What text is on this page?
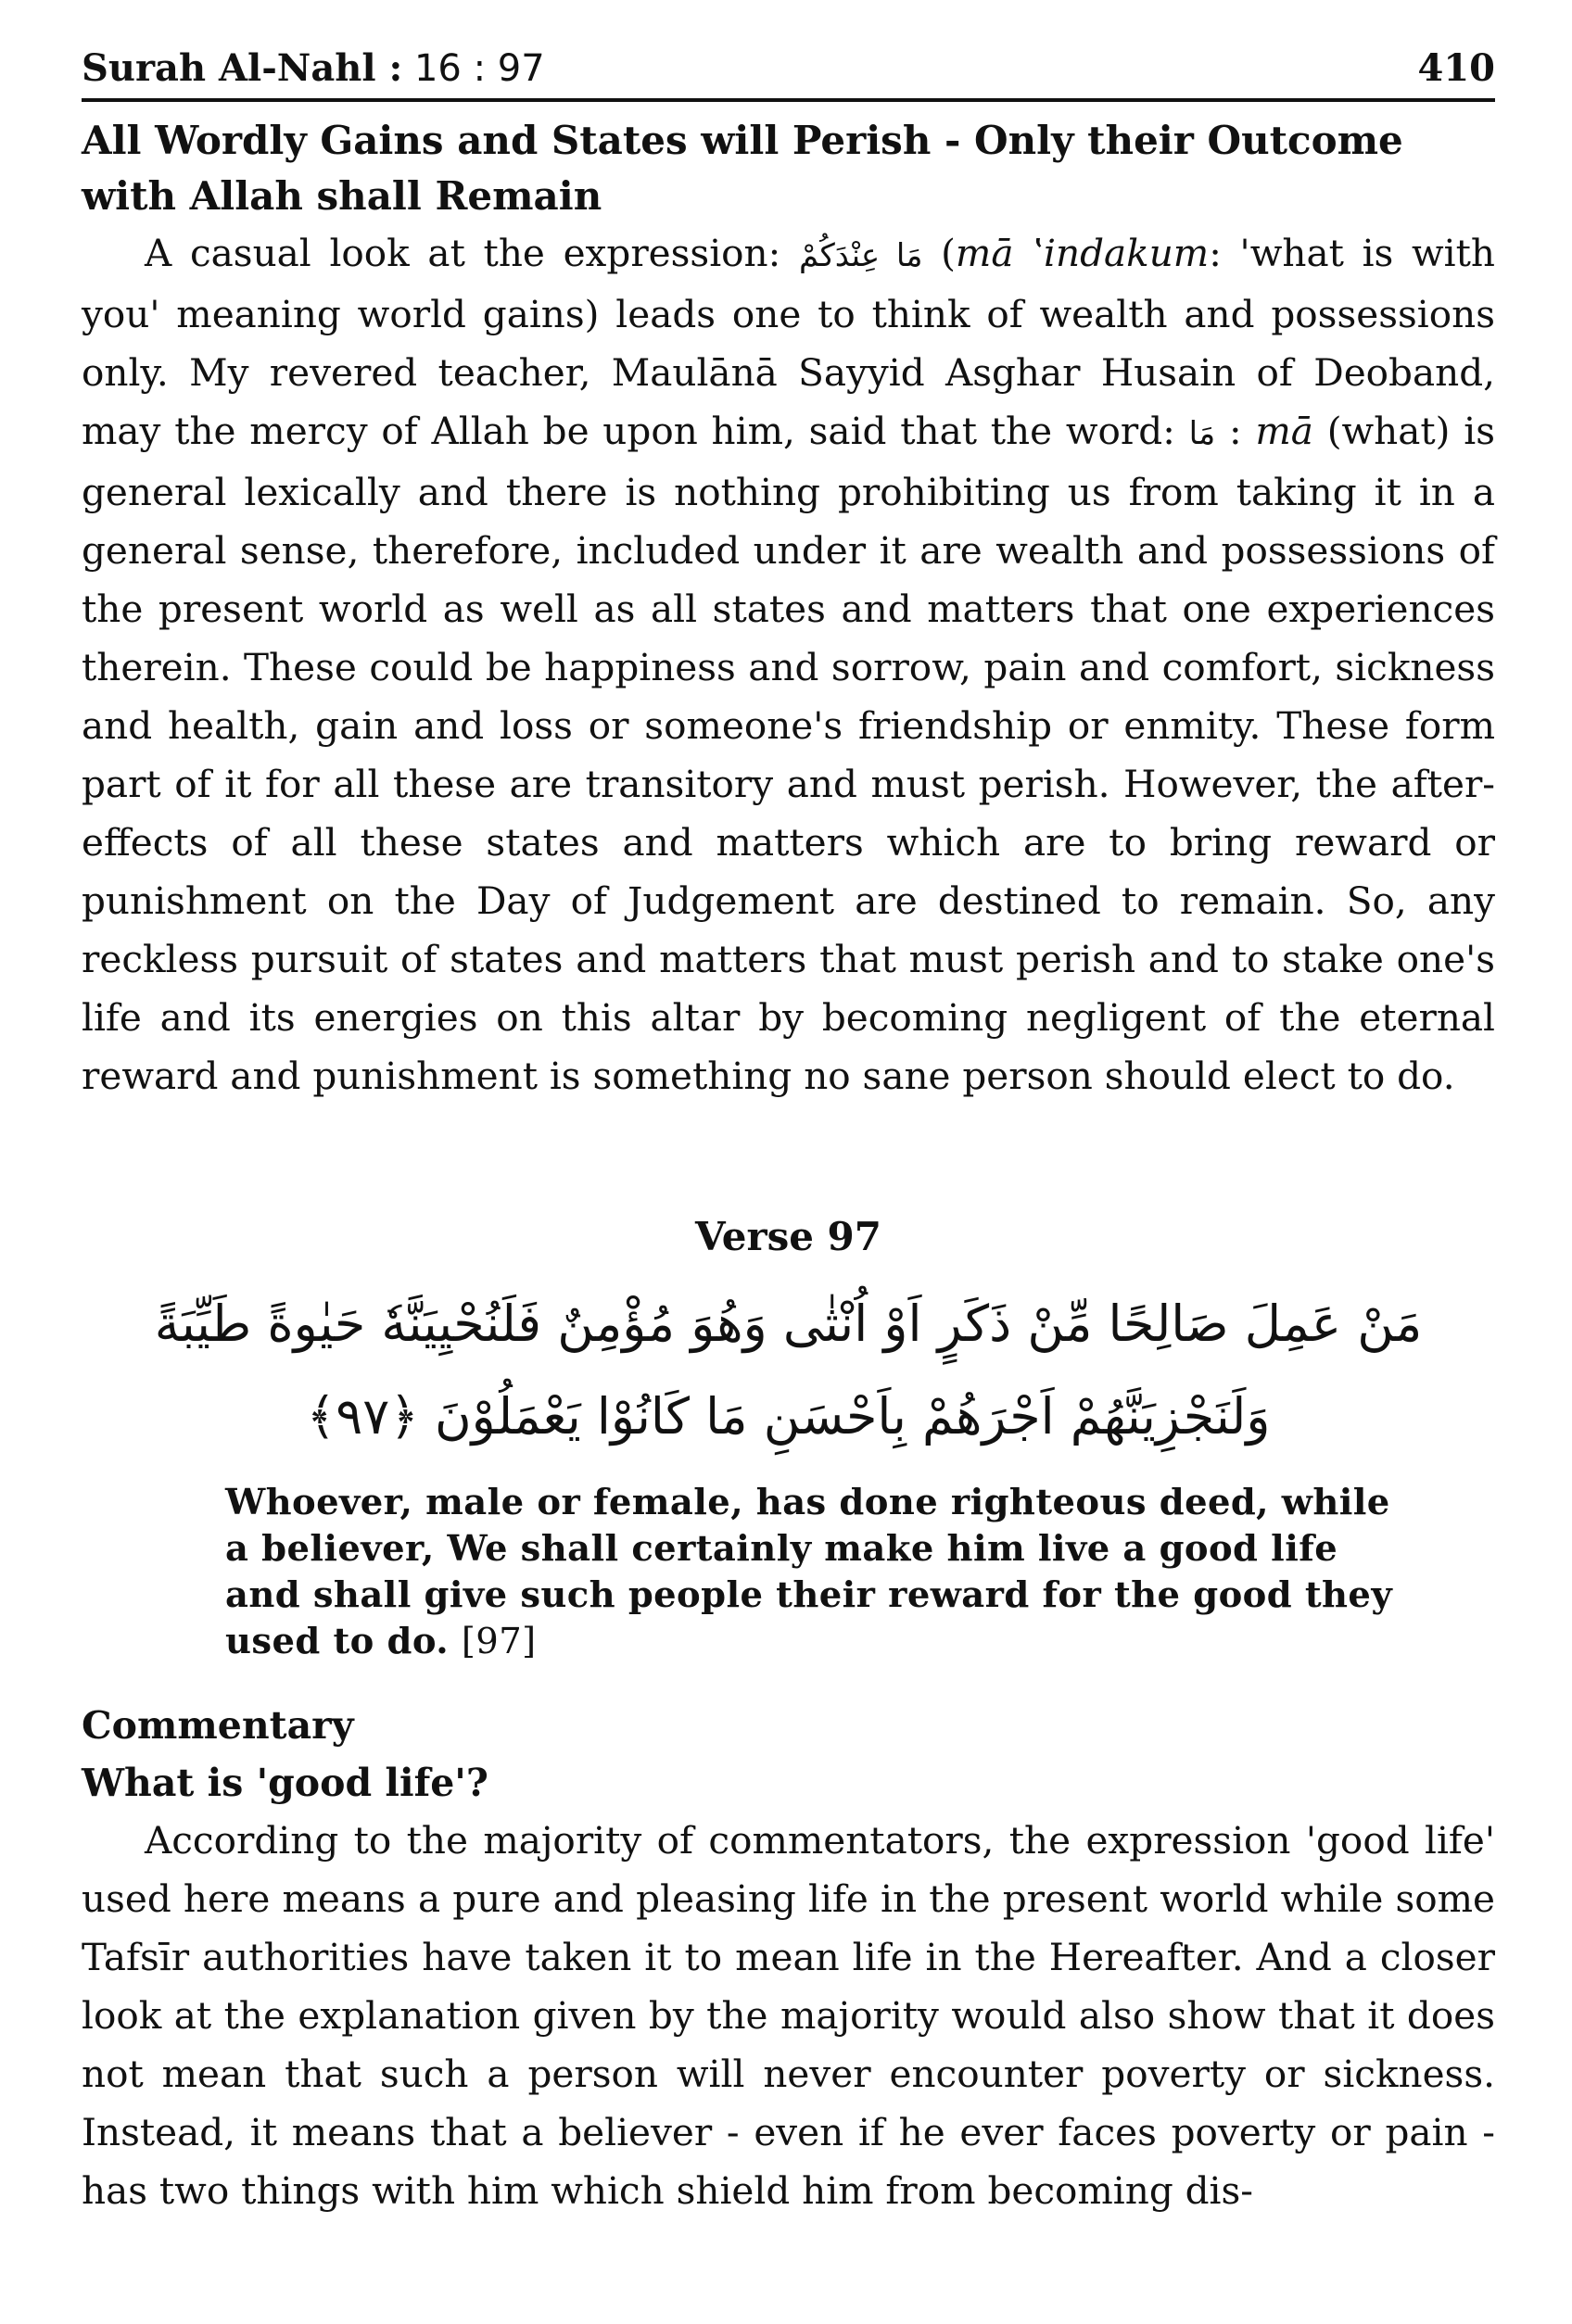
Surah Al-Nahl : 16 : 97	410
All Wordly Gains and States will Perish - Only their Outcome with Allah shall Remain

A casual look at the expression: مَا عِنْدَكُمْ (mā ʽindakum: 'what is with you' meaning world gains) leads one to think of wealth and possessions only. My revered teacher, Maulānā Sayyid Asghar Husain of Deoband, may the mercy of Allah be upon him, said that the word: مَا : mā (what) is general lexically and there is nothing prohibiting us from taking it in a general sense, therefore, included under it are wealth and possessions of the present world as well as all states and matters that one experiences therein. These could be happiness and sorrow, pain and comfort, sickness and health, gain and loss or someone's friendship or enmity. These form part of it for all these are transitory and must perish. However, the after-effects of all these states and matters which are to bring reward or punishment on the Day of Judgement are destined to remain. So, any reckless pursuit of states and matters that must perish and to stake one's life and its energies on this altar by becoming negligent of the eternal reward and punishment is something no sane person should elect to do.

Verse 97
مَنْ عَمِلَ صَالِحًا مِّنْ ذَكَرٍ اَوْ اُنْثٰى وَهُوَ مُؤْمِنٌ فَلَنُحْيِيَنَّهٗ حَيٰوةً طَيِّبَةً
وَلَنَجْزِيَنَّهُمْ اَجْرَهُمْ بِاَحْسَنِ مَا كَانُوْا يَعْمَلُوْنَ ﴿٩٧﴾
Whoever, male or female, has done righteous deed, while a believer, We shall certainly make him live a good life and shall give such people their reward for the good they used to do. [97]
Commentary
What is 'good life'?

According to the majority of commentators, the expression 'good life' used here means a pure and pleasing life in the present world while some Tafsīr authorities have taken it to mean life in the Hereafter. And a closer look at the explanation given by the majority would also show that it does not mean that such a person will never encounter poverty or sickness. Instead, it means that a believer - even if he ever faces poverty or pain - has two things with him which shield him from becoming dis-
